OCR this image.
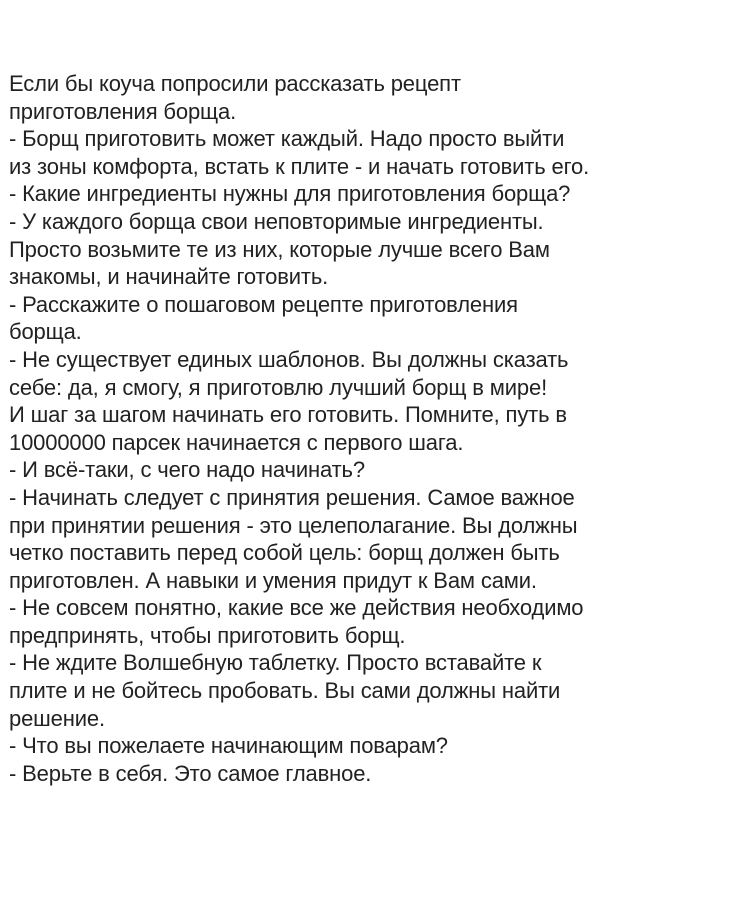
Если бы коуча попросили рассказать рецепт
приготовления борща.
- Борщ приготовить может каждый. Надо просто выйти
из зоны комфорта, встать к плите - и начать готовить его.
- Какие ингредиенты нужны для приготовления борща?
- У каждого борща свои неповторимые ингредиенты.
Просто возьмите те из них, которые лучше всего Вам
знакомы, и начинайте готовить.
- Расскажите о пошаговом рецепте приготовления
борща.
- Не существует единых шаблонов. Вы должны сказать
себе: да, я смогу, я приготовлю лучший борщ в мире!
И шаг за шагом начинать его готовить. Помните, путь в
10000000 парсек начинается с первого шага.
- И всё-таки, с чего надо начинать?
- Начинать следует с принятия решения. Самое важное
при принятии решения - это целеполагание. Вы должны
четко поставить перед собой цель: борщ должен быть
приготовлен. А навыки и умения придут к Вам сами.
- Не совсем понятно, какие все же действия необходимо
предпринять, чтобы приготовить борщ.
- Не ждите Волшебную таблетку. Просто вставайте к
плите и не бойтесь пробовать. Вы сами должны найти
решение.
- Что вы пожелаете начинающим поварам?
- Верьте в себя. Это самое главное.
